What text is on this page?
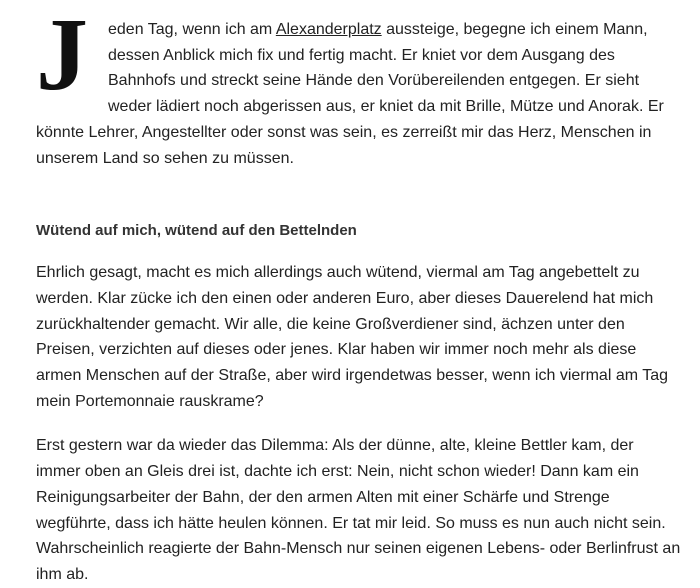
J eden Tag, wenn ich am Alexanderplatz aussteige, begegne ich einem Mann, dessen Anblick mich fix und fertig macht. Er kniet vor dem Ausgang des Bahnhofs und streckt seine Hände den Vorübereilenden entgegen. Er sieht weder lädiert noch abgerissen aus, er kniet da mit Brille, Mütze und Anorak. Er könnte Lehrer, Angestellter oder sonst was sein, es zerreißt mir das Herz, Menschen in unserem Land so sehen zu müssen.

Wütend auf mich, wütend auf den Bettelnden

Ehrlich gesagt, macht es mich allerdings auch wütend, viermal am Tag angebettelt zu werden. Klar zücke ich den einen oder anderen Euro, aber dieses Dauerelend hat mich zurückhaltender gemacht. Wir alle, die keine Großverdiener sind, ächzen unter den Preisen, verzichten auf dieses oder jenes. Klar haben wir immer noch mehr als diese armen Menschen auf der Straße, aber wird irgendetwas besser, wenn ich viermal am Tag mein Portemonnaie rauskrame?

Erst gestern war da wieder das Dilemma: Als der dünne, alte, kleine Bettler kam, der immer oben an Gleis drei ist, dachte ich erst: Nein, nicht schon wieder! Dann kam ein Reinigungsarbeiter der Bahn, der den armen Alten mit einer Schärfe und Strenge wegführte, dass ich hätte heulen können. Er tat mir leid. So muss es nun auch nicht sein. Wahrscheinlich reagierte der Bahn-Mensch nur seinen eigenen Lebens- oder Berlinfrust an ihm ab.
